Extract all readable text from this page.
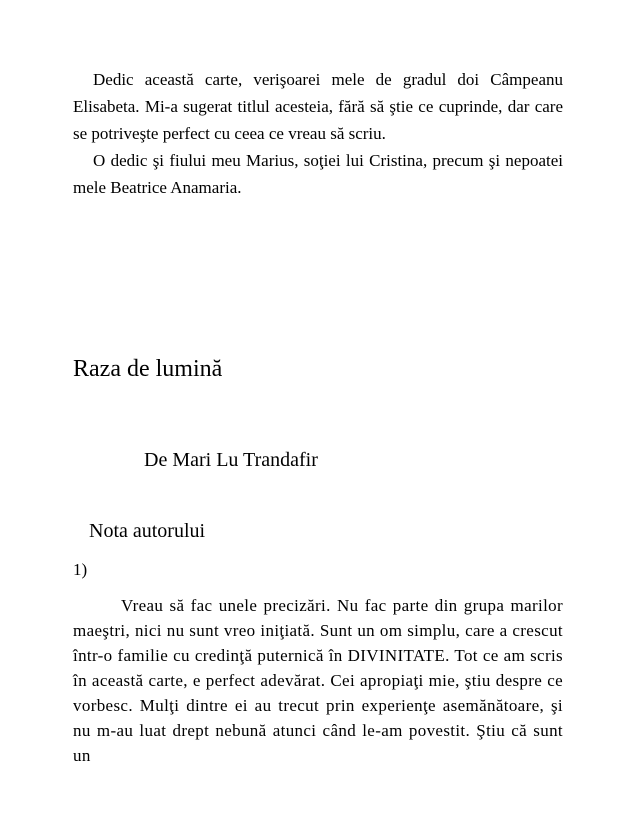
Dedic această carte, verişoarei mele de gradul doi Câmpeanu Elisabeta. Mi-a sugerat titlul acesteia, fără să ştie ce cuprinde, dar care se potriveşte perfect cu ceea ce vreau să scriu.

O dedic şi fiului meu Marius, soţiei lui Cristina, precum şi nepoatei mele Beatrice Anamaria.

Raza de lumină

De Mari Lu Trandafir

Nota autorului

1)

Vreau să fac unele precizări. Nu fac parte din grupa marilor maeştri, nici nu sunt vreo iniţiată. Sunt un om simplu, care a crescut într-o familie cu credinţă puternică în DIVINITATE. Tot ce am scris în această carte, e perfect adevărat. Cei apropiaţi mie, ştiu despre ce vorbesc. Mulţi dintre ei au trecut prin experienţe asemănătoare, şi nu m-au luat drept nebună atunci când le-am povestit. Ştiu că sunt un
